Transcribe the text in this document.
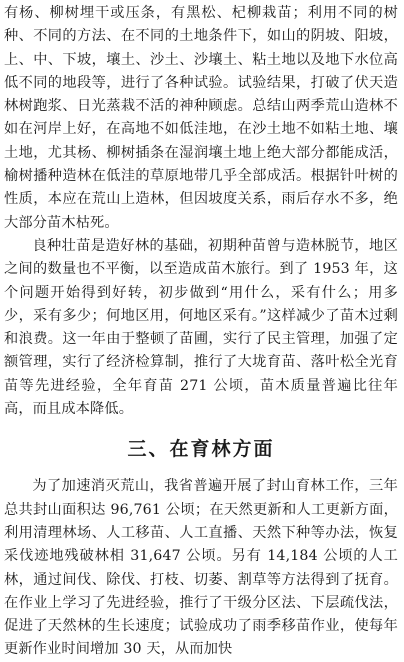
有杨、柳树埋干或压条，有黑松、杞柳栽苗；利用不同的树种、不同的方法、在不同的土地条件下，如山的阴坡、阳坡，上、中、下坡，壤土、沙土、沙壤土、粘土地以及地下水位高低不同的地段等，进行了各种试验。试验结果，打破了伏天造林树跑浆、日光蒸栽不活的神种顾虑。总结山两季荒山造林不如在河岸上好，在高地不如低洼地，在沙土地不如粘土地、壤土地，尤其杨、柳树插条在湿润壤土地上绝大部分都能成活，榆树播种造林在低洼的草原地带几乎全部成活。根据针叶树的性质，本应在荒山上造林，但因坡度关系，雨后存水不多，绝大部分苗木枯死。

良种壮苗是造好林的基础，初期种苗曾与造林脱节，地区之间的数量也不平衡，以至造成苗木旅行。到了 1953 年，这个问题开始得到好转，初步做到“用什么，采有什么；用多少，采有多少；何地区用，何地区采有。”这样减少了苗木过剩和浪费。这一年由于整顿了苗圃，实行了民主管理，加强了定额管理，实行了经济检算制，推行了大垅育苗、落叶松全光育苗等先进经验，全年育苗 271 公顷，苗木质量普遍比往年高，而且成本降低。

三、在育林方面

为了加速消灭荒山，我省普遍开展了封山育林工作，三年总共封山面积达 96,761 公顷；在天然更新和人工更新方面，利用清理林场、人工移苗、人工直播、天然下种等办法，恢复采伐迹地残破林相 31,647 公顷。另有 14,184 公顷的人工林，通过间伐、除伐、打枝、切萎、割草等方法得到了抚育。在作业上学习了先进经验，推行了干级分区法、下层疏伐法，促进了天然林的生长速度；试验成功了雨季移苗作业，使每年更新作业时间增加 30 天，从而加快
